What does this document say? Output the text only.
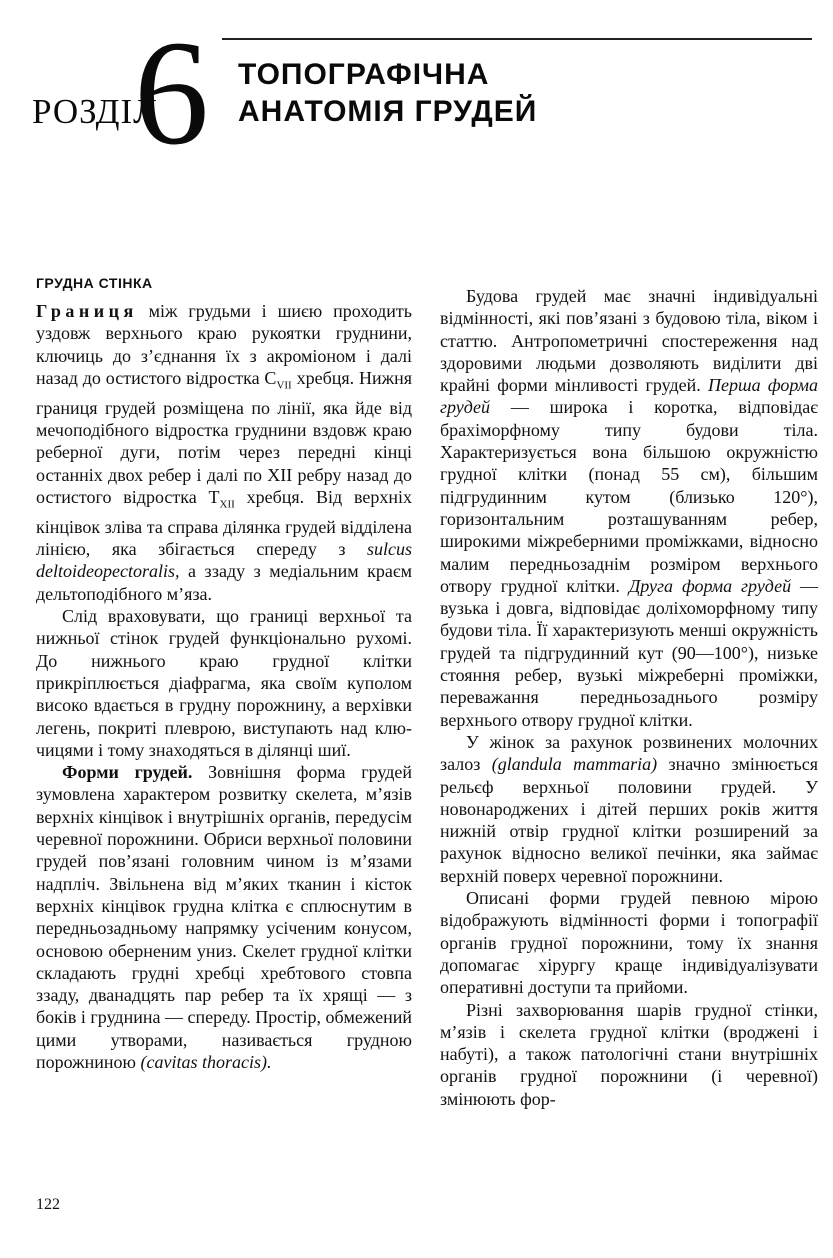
РОЗДІЛ
6 ТОПОГРАФІЧНА
АНАТОМІЯ ГРУДЕЙ
ГРУДНА СТІНКА

Границя між грудьми і шиєю проходить уздовж верхнього краю рукоятки груднини, ключиць до з’єднання їх з акроміоном і далі назад до остистого відростка $C_{VII}$ хребця. Нижня границя грудей розміщена по лінії, яка йде від мечоподібного відростка груднини вздовж краю реберної дуги, потім через передні кінці останніх двох ребер і далі по XII ребру назад до остистого відростка $T_{XII}$ хребця. Від верхніх кінцівок зліва та справа ділянка грудей відділена лінією, яка збігається спереду з sulcus deltoideopectoralis, а ззаду з медіальним краєм дельтоподібного м’яза.

Слід враховувати, що границі верхньої та нижньої стінок грудей функціонально рухомі. До нижнього краю грудної клітки прикріплюється діафрагма, яка своїм куполом високо вдається в грудну порожнину, а верхівки легень, покриті плеврою, виступають над ключицями і тому знаходяться в ділянці шиї.

Форми грудей. Зовнішня форма грудей зумовлена характером розвитку скелета, м’язів верхніх кінцівок і внутрішніх органів, передусім черевної порожнини. Обриси верхньої половини грудей пов’язані головним чином із м’язами надпліч. Звільнена від м’яких тканин і кісток верхніх кінцівок грудна клітка є сплюснутим в передньозадньому напрямку усіченим конусом, основою оберненим униз. Скелет грудної клітки складають грудні хребці хребтового стовпа ззаду, дванадцять пар ребер та їх хрящі — з боків і груднина — спереду. Простір, обмежений цими утворами, називається грудною порожниною (cavitas thoracis).

Будова грудей має значні індивідуальні відмінності, які пов’язані з будовою тіла, віком і статтю. Антропометричні спостереження над здоровими людьми дозволяють виділити дві крайні форми мінливості грудей. Перша форма грудей — широка і коротка, відповідає брахіморфному типу будови тіла. Характеризується вона більшою окружністю грудної клітки (понад 55 см), більшим підгрудинним кутом (близько 120°), горизонтальним розташуванням ребер, широкими міжреберними проміжками, відносно малим передньозаднім розміром верхнього отвору грудної клітки. Друга форма грудей — вузька і довга, відповідає доліхоморфному типу будови тіла. Її характеризують менші окружність грудей та підгрудинний кут (90—100°), низьке стояння ребер, вузькі міжреберні проміжки, переважання передньозаднього розміру верхнього отвору грудної клітки.

У жінок за рахунок розвинених молочних залоз (glandula mammaria) значно змінюється рельєф верхньої половини грудей. У новонароджених і дітей перших років життя нижній отвір грудної клітки розширений за рахунок відносно великої печінки, яка займає верхній поверх черевної порожнини.

Описані форми грудей певною мірою відображують відмінності форми і топографії органів грудної порожнини, тому їх знання допомагає хірургу краще індивідуалізувати оперативні доступи та прийоми.

Різні захворювання шарів грудної стінки, м’язів і скелета грудної клітки (вроджені і набуті), а також патологічні стани внутрішніх органів грудної порожнини (і черевної) змінюють фор-

122
